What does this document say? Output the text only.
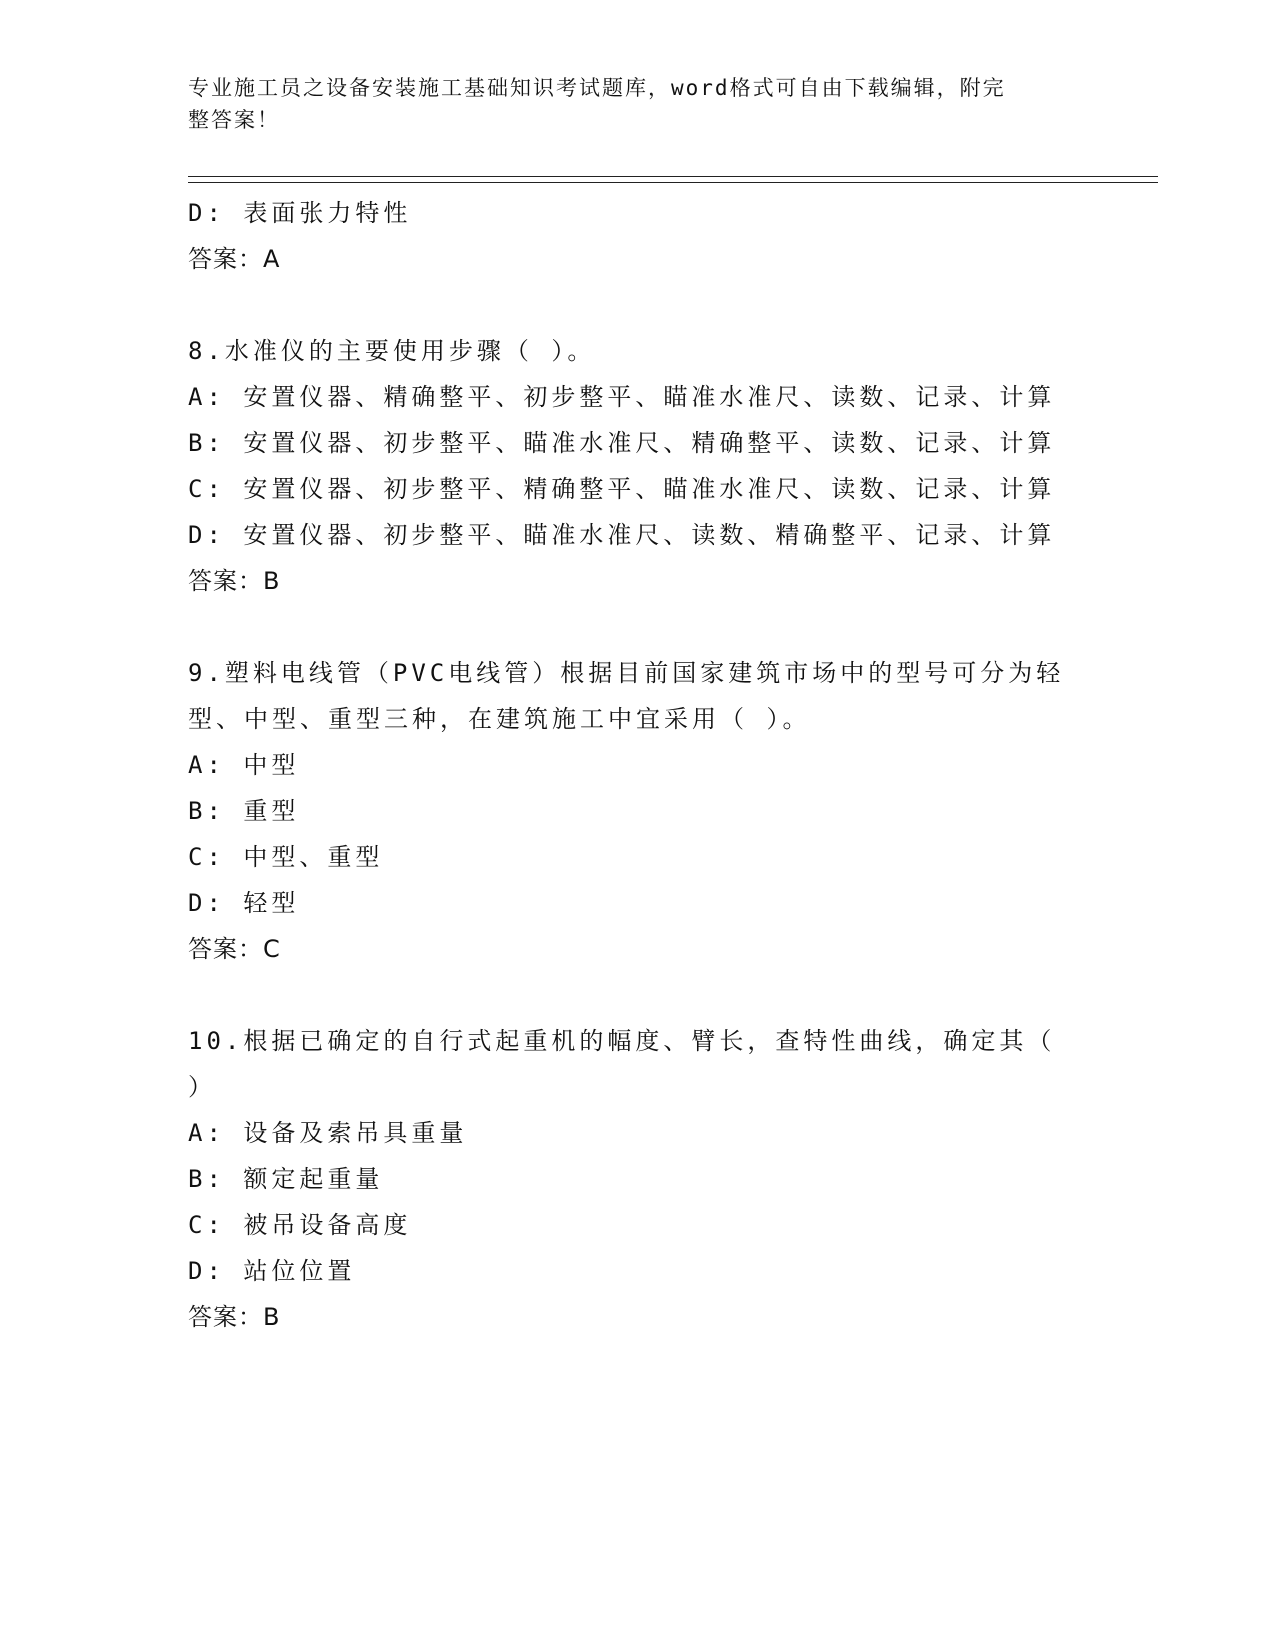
专业施工员之设备安装施工基础知识考试题库，word格式可自由下载编辑，附完
整答案！
D: 表面张力特性
答案：A
8.水准仪的主要使用步骤（ ）。
A: 安置仪器、精确整平、初步整平、瞄准水准尺、读数、记录、计算
B: 安置仪器、初步整平、瞄准水准尺、精确整平、读数、记录、计算
C: 安置仪器、初步整平、精确整平、瞄准水准尺、读数、记录、计算
D: 安置仪器、初步整平、瞄准水准尺、读数、精确整平、记录、计算
答案：B
9.塑料电线管（PVC电线管）根据目前国家建筑市场中的型号可分为轻
型、中型、重型三种，在建筑施工中宜采用（ ）。
A: 中型
B: 重型
C: 中型、重型
D: 轻型
答案：C
10.根据已确定的自行式起重机的幅度、臂长，查特性曲线，确定其（
）
A: 设备及索吊具重量
B: 额定起重量
C: 被吊设备高度
D: 站位位置
答案：B
